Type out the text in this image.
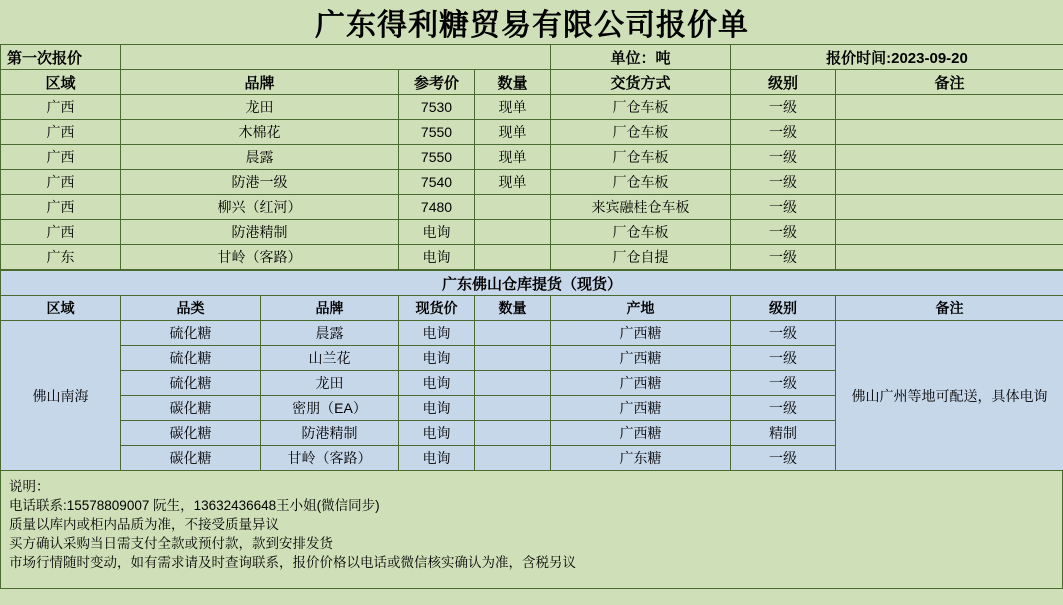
广东得利糖贸易有限公司报价单						
第一次报价				单位：吨	报价时间:2023-09-20	
区域	品牌	参考价	数量	交货方式	级别	备注
广西	龙田	7530	现单	厂仓车板	一级	
广西	木棉花	7550	现单	厂仓车板	一级	
广西	晨露	7550	现单	厂仓车板	一级	
广西	防港一级	7540	现单	厂仓车板	一级	
广西	柳兴（红河）	7480		来宾融桂仓车板	一级	
广西	防港精制	电询		厂仓车板	一级	
广东	甘岭（客路）	电询		厂仓自提	一级	
广东佛山仓库提货（现货）							
区域	品类	品牌	现货价	数量	产地	级别	备注
佛山南海	硫化糖	晨露	电询		广西糖	一级	佛山广州等地可配送，具体电询
	硫化糖	山兰花	电询		广西糖	一级	
	硫化糖	龙田	电询		广西糖	一级	
	碳化糖	密朋（EA）	电询		广西糖	一级	
	碳化糖	防港精制	电询		广西糖	精制	
	碳化糖	甘岭（客路）	电询		广东糖	一级	
说明：
电话联系:15578809007 阮生，13632436648王小姐(微信同步)
质量以库内或柜内品质为准，不接受质量异议
买方确认采购当日需支付全款或预付款，款到安排发货
市场行情随时变动，如有需求请及时查询联系，报价价格以电话或微信核实确认为准，含税另议
